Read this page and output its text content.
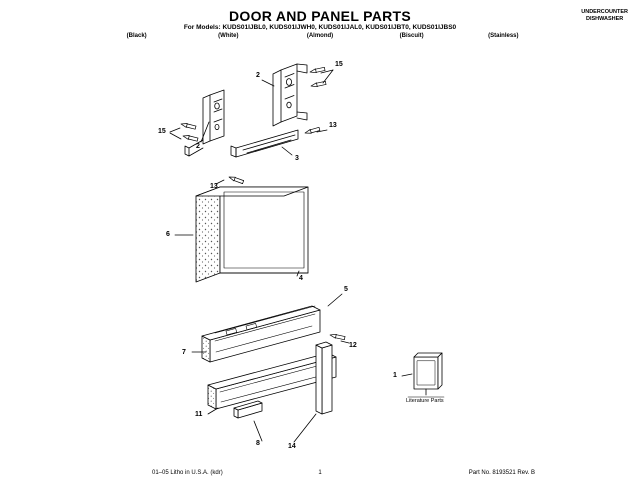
DOOR AND PANEL PARTS
For Models: KUDS01IJBL0, KUDS01IJWH0, KUDS01IJAL0, KUDS01IJBT0, KUDS01IJBS0
(Black)	(White)	(Almond)	(Biscuit)	(Stainless)
UNDERCOUNTER
DISHWASHER
15
2
15
13
2
3
13
6
4
5
12
7
1
11
8	14
Literature Parts
01–05 Litho in U.S.A. (kdr)	1	Part No. 8193521 Rev. B
